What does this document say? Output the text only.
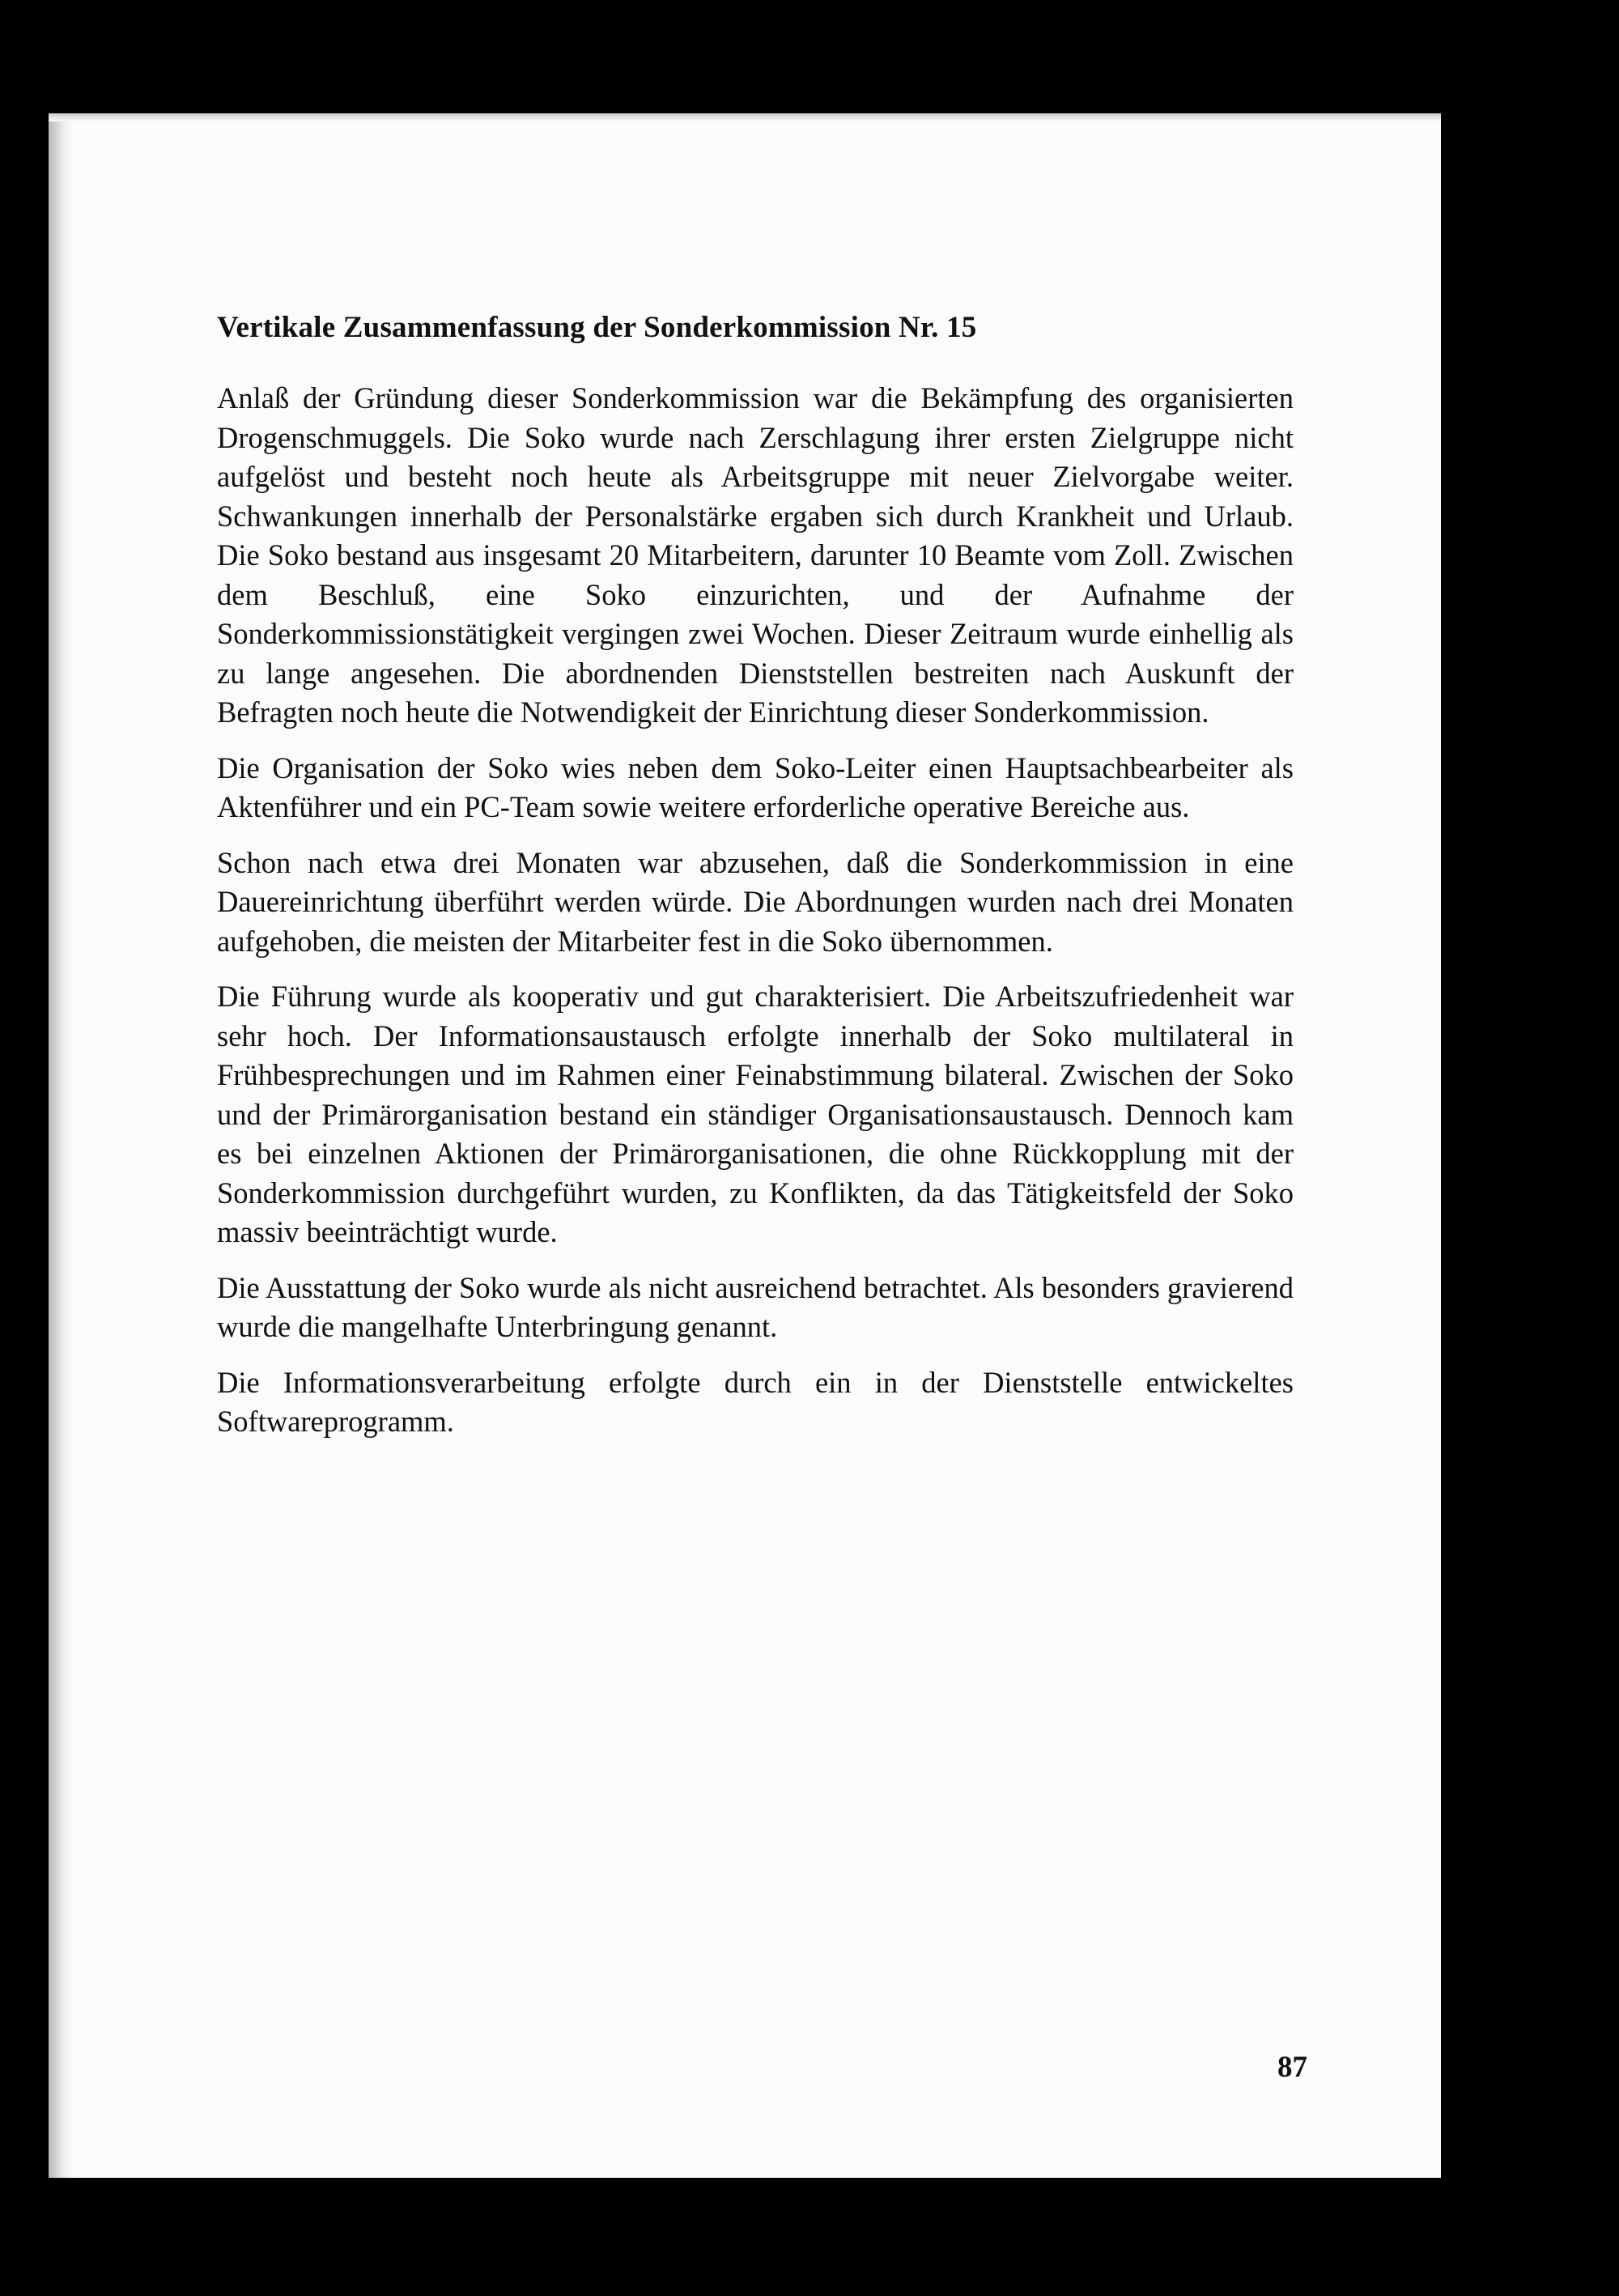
Vertikale Zusammenfassung der Sonderkommission Nr. 15

Anlaß der Gründung dieser Sonderkommission war die Bekämpfung des organisierten Drogenschmuggels. Die Soko wurde nach Zerschlagung ihrer ersten Zielgruppe nicht aufgelöst und besteht noch heute als Arbeitsgruppe mit neuer Zielvorgabe weiter. Schwankungen innerhalb der Personalstärke ergaben sich durch Krankheit und Urlaub. Die Soko bestand aus insgesamt 20 Mitarbeitern, darunter 10 Beamte vom Zoll. Zwischen dem Beschluß, eine Soko einzurichten, und der Aufnahme der Sonderkommissionstätigkeit vergingen zwei Wochen. Dieser Zeitraum wurde einhellig als zu lange angesehen. Die abordnenden Dienststellen bestreiten nach Auskunft der Befragten noch heute die Notwendigkeit der Einrichtung dieser Sonderkommission.

Die Organisation der Soko wies neben dem Soko-Leiter einen Hauptsachbearbeiter als Aktenführer und ein PC-Team sowie weitere erforderliche operative Bereiche aus.

Schon nach etwa drei Monaten war abzusehen, daß die Sonderkommission in eine Dauereinrichtung überführt werden würde. Die Abordnungen wurden nach drei Monaten aufgehoben, die meisten der Mitarbeiter fest in die Soko übernommen.

Die Führung wurde als kooperativ und gut charakterisiert. Die Arbeitszufriedenheit war sehr hoch. Der Informationsaustausch erfolgte innerhalb der Soko multilateral in Frühbesprechungen und im Rahmen einer Feinabstimmung bilateral. Zwischen der Soko und der Primärorganisation bestand ein ständiger Organisationsaustausch. Dennoch kam es bei einzelnen Aktionen der Primärorganisationen, die ohne Rückkopplung mit der Sonderkommission durchgeführt wurden, zu Konflikten, da das Tätigkeitsfeld der Soko massiv beeinträchtigt wurde.

Die Ausstattung der Soko wurde als nicht ausreichend betrachtet. Als besonders gravierend wurde die mangelhafte Unterbringung genannt.

Die Informationsverarbeitung erfolgte durch ein in der Dienststelle entwickeltes Softwareprogramm.

87
